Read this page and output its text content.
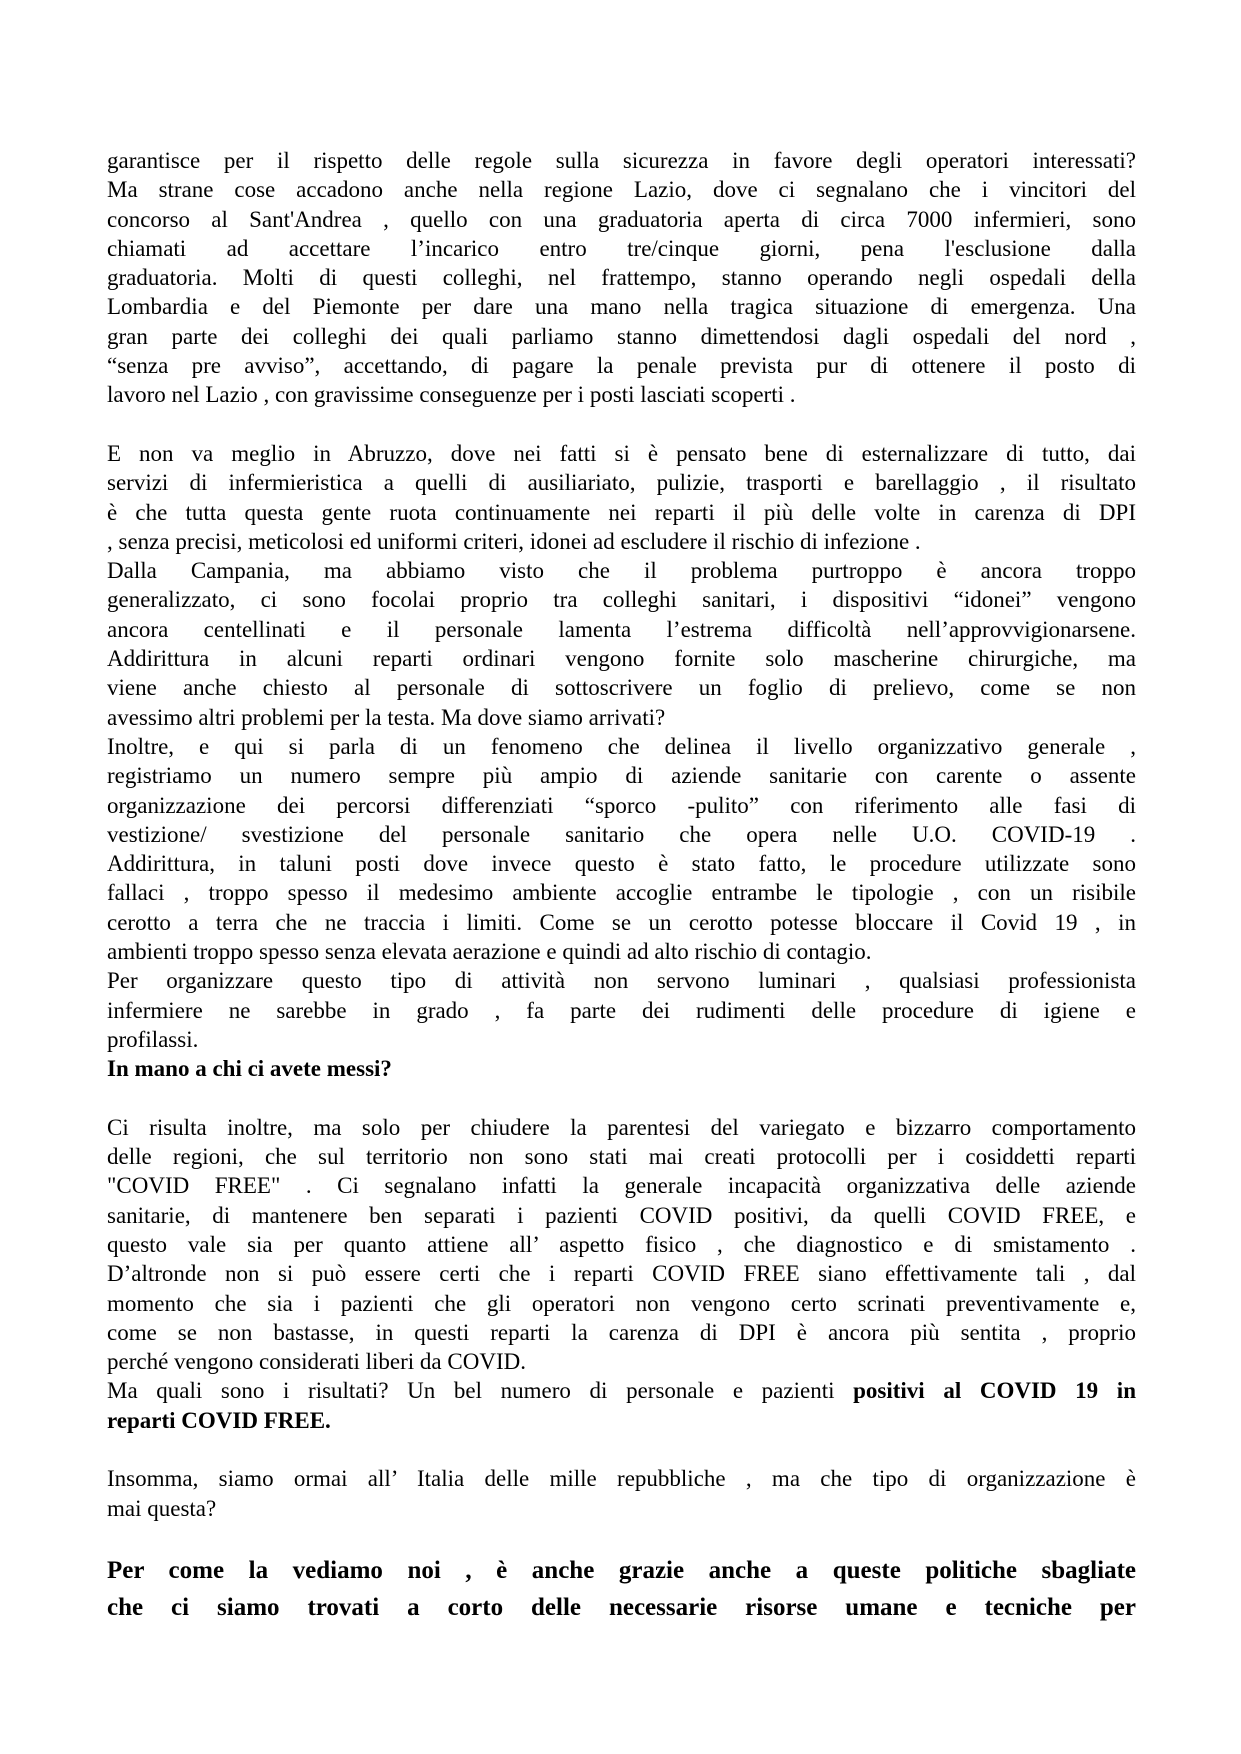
garantisce per il rispetto delle regole sulla sicurezza in favore degli operatori interessati?
Ma strane cose accadono anche nella regione Lazio, dove ci segnalano che i vincitori del
concorso al Sant'Andrea , quello con una graduatoria aperta di circa 7000 infermieri, sono
chiamati ad accettare l’incarico entro tre/cinque giorni, pena l'esclusione dalla
graduatoria. Molti di questi colleghi, nel frattempo, stanno operando negli ospedali della
Lombardia e del Piemonte per dare una mano nella tragica situazione di emergenza. Una
gran parte dei colleghi dei quali parliamo stanno dimettendosi dagli ospedali del nord ,
“senza pre avviso”, accettando, di pagare la penale prevista pur di ottenere il posto di
lavoro nel Lazio , con gravissime conseguenze per i posti lasciati scoperti .
E non va meglio in Abruzzo, dove nei fatti si è pensato bene di esternalizzare di tutto, dai
servizi di infermieristica a quelli di ausiliariato, pulizie, trasporti e barellaggio , il risultato
è che tutta questa gente ruota continuamente nei reparti il più delle volte in carenza di DPI
, senza precisi, meticolosi ed uniformi criteri, idonei ad escludere il rischio di infezione .
Dalla Campania, ma abbiamo visto che il problema purtroppo è ancora troppo
generalizzato, ci sono focolai proprio tra colleghi sanitari, i dispositivi “idonei” vengono
ancora centellinati e il personale lamenta l’estrema difficoltà nell’approvvigionarsene.
Addirittura in alcuni reparti ordinari vengono fornite solo mascherine chirurgiche, ma
viene anche chiesto al personale di sottoscrivere un foglio di prelievo, come se non
avessimo altri problemi per la testa. Ma dove siamo arrivati?
Inoltre, e qui si parla di un fenomeno che delinea il livello organizzativo generale ,
registriamo un numero sempre più ampio di aziende sanitarie con carente o assente
organizzazione dei percorsi differenziati “sporco -pulito” con riferimento alle fasi di
vestizione/ svestizione del personale sanitario che opera nelle U.O. COVID-19 .
Addirittura, in taluni posti dove invece questo è stato fatto, le procedure utilizzate sono
fallaci , troppo spesso il medesimo ambiente accoglie entrambe le tipologie , con un risibile
cerotto a terra che ne traccia i limiti. Come se un cerotto potesse bloccare il Covid 19 , in
ambienti troppo spesso senza elevata aerazione e quindi ad alto rischio di contagio.
Per organizzare questo tipo di attività non servono luminari , qualsiasi professionista
infermiere ne sarebbe in grado , fa parte dei rudimenti delle procedure di igiene e
profilassi.
In mano a chi ci avete messi?
Ci risulta inoltre, ma solo per chiudere la parentesi del variegato e bizzarro comportamento
delle regioni, che sul territorio non sono stati mai creati protocolli per i cosiddetti reparti
"COVID FREE" . Ci segnalano infatti la generale incapacità organizzativa delle aziende
sanitarie, di mantenere ben separati i pazienti COVID positivi, da quelli COVID FREE, e
questo vale sia per quanto attiene all’ aspetto fisico , che diagnostico e di smistamento .
D’altronde non si può essere certi che i reparti COVID FREE siano effettivamente tali , dal
momento che sia i pazienti che gli operatori non vengono certo scrinati preventivamente e,
come se non bastasse, in questi reparti la carenza di DPI è ancora più sentita , proprio
perché vengono considerati liberi da COVID.
Ma quali sono i risultati? Un bel numero di personale e pazienti positivi al COVID 19 in
reparti COVID FREE.
Insomma, siamo ormai all’ Italia delle mille repubbliche , ma che tipo di organizzazione è
mai questa?
Per come la vediamo noi , è anche grazie anche a queste politiche sbagliate
che ci siamo trovati a corto delle necessarie risorse umane e tecniche per
